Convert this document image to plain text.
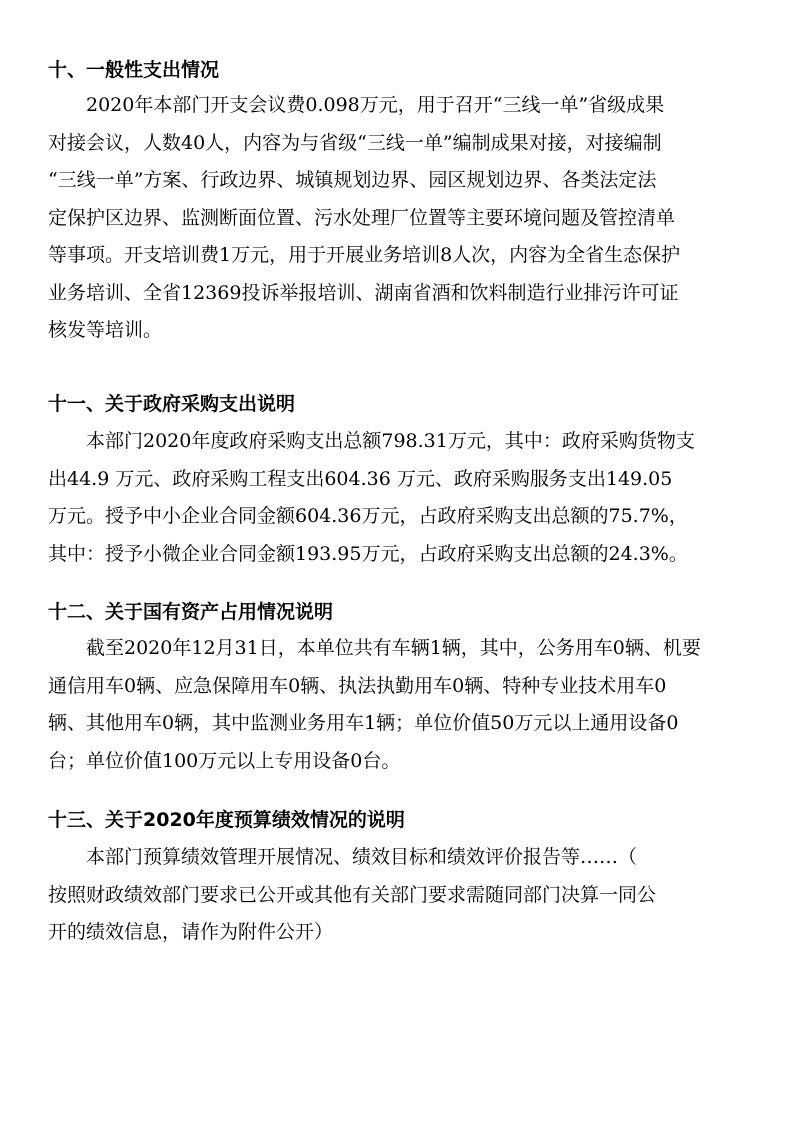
十、一般性支出情况
　　2020年本部门开支会议费0.098万元，用于召开“三线一单”省级成果
对接会议，人数40人，内容为与省级“三线一单”编制成果对接，对接编制
“三线一单”方案、行政边界、城镇规划边界、园区规划边界、各类法定法
定保护区边界、监测断面位置、污水处理厂位置等主要环境问题及管控清单
等事项。开支培训费1万元，用于开展业务培训8人次，内容为全省生态保护
业务培训、全省12369投诉举报培训、湖南省酒和饮料制造行业排污许可证
核发等培训。
十一、关于政府采购支出说明
　　本部门2020年度政府采购支出总额798.31万元，其中：政府采购货物支
出44.9 万元、政府采购工程支出604.36 万元、政府采购服务支出149.05
万元。授予中小企业合同金额604.36万元，占政府采购支出总额的75.7%，
其中：授予小微企业合同金额193.95万元，占政府采购支出总额的24.3%。
十二、关于国有资产占用情况说明
　　截至2020年12月31日，本单位共有车辆1辆，其中，公务用车0辆、机要
通信用车0辆、应急保障用车0辆、执法执勤用车0辆、特种专业技术用车0
辆、其他用车0辆，其中监测业务用车1辆；单位价值50万元以上通用设备0
台；单位价值100万元以上专用设备0台。
十三、关于2020年度预算绩效情况的说明
　　本部门预算绩效管理开展情况、绩效目标和绩效评价报告等……（
按照财政绩效部门要求已公开或其他有关部门要求需随同部门决算一同公
开的绩效信息，请作为附件公开）
